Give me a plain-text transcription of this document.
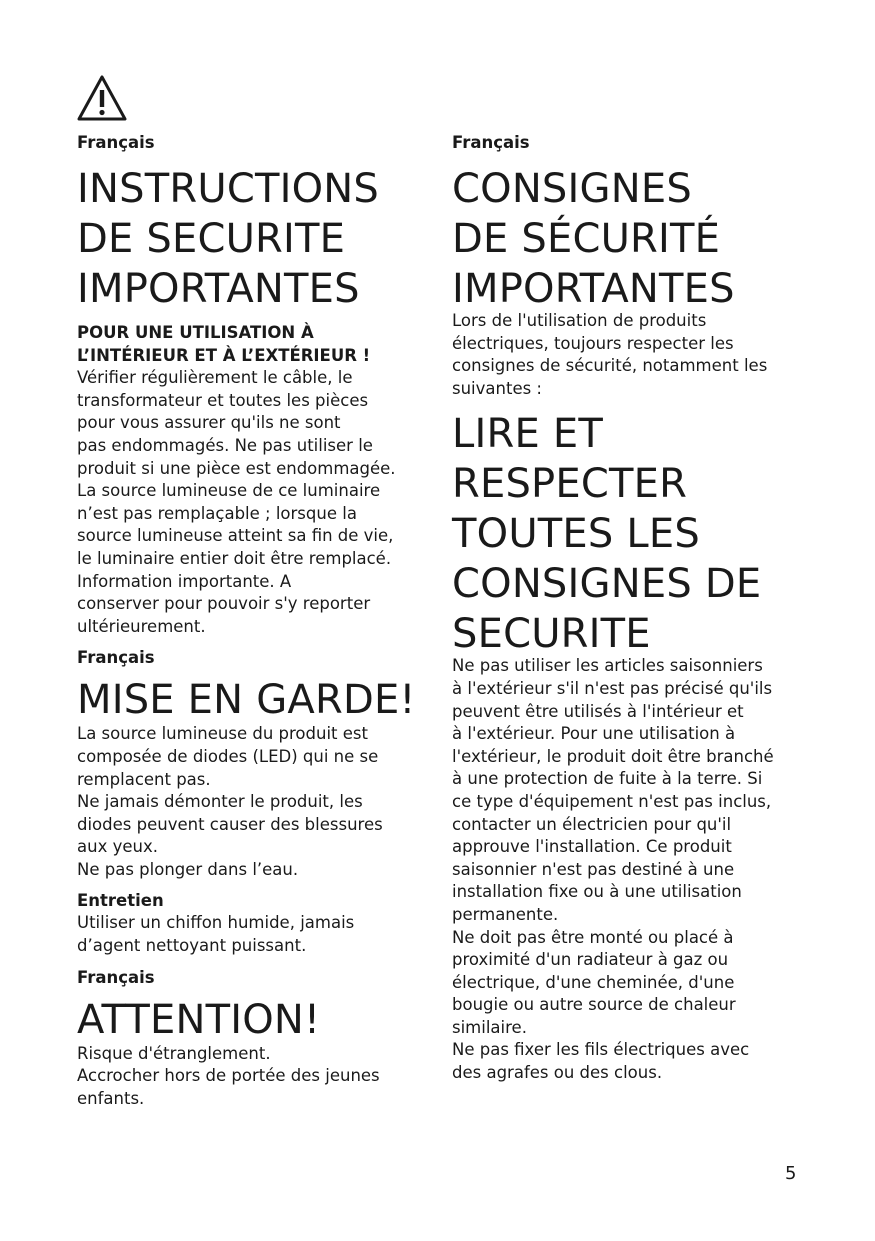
Français

INSTRUCTIONS
DE SECURITE
IMPORTANTES

POUR UNE UTILISATION À
L’INTÉRIEUR ET À L’EXTÉRIEUR !

Vérifier régulièrement le câble, le
transformateur et toutes les pièces
pour vous assurer qu'ils ne sont
pas endommagés. Ne pas utiliser le
produit si une pièce est endommagée.
La source lumineuse de ce luminaire
n’est pas remplaçable ; lorsque la
source lumineuse atteint sa fin de vie,
le luminaire entier doit être remplacé.
Information importante. A
conserver pour pouvoir s'y reporter
ultérieurement.

Français

MISE EN GARDE!

La source lumineuse du produit est
composée de diodes (LED) qui ne se
remplacent pas.
Ne jamais démonter le produit, les
diodes peuvent causer des blessures
aux yeux.
Ne pas plonger dans l’eau.

Entretien

Utiliser un chiffon humide, jamais
d’agent nettoyant puissant.

Français

ATTENTION!

Risque d'étranglement.
Accrocher hors de portée des jeunes
enfants.

Français

CONSIGNES
DE SÉCURITÉ
IMPORTANTES

Lors de l'utilisation de produits
électriques, toujours respecter les
consignes de sécurité, notamment les
suivantes :

LIRE ET
RESPECTER
TOUTES LES
CONSIGNES DE
SECURITE

Ne pas utiliser les articles saisonniers
à l'extérieur s'il n'est pas précisé qu'ils
peuvent être utilisés à l'intérieur et
à l'extérieur. Pour une utilisation à
l'extérieur, le produit doit être branché
à une protection de fuite à la terre. Si
ce type d'équipement n'est pas inclus,
contacter un électricien pour qu'il
approuve l'installation. Ce produit
saisonnier n'est pas destiné à une
installation fixe ou à une utilisation
permanente.
Ne doit pas être monté ou placé à
proximité d'un radiateur à gaz ou
électrique, d'une cheminée, d'une
bougie ou autre source de chaleur
similaire.
Ne pas fixer les fils électriques avec
des agrafes ou des clous.

5
